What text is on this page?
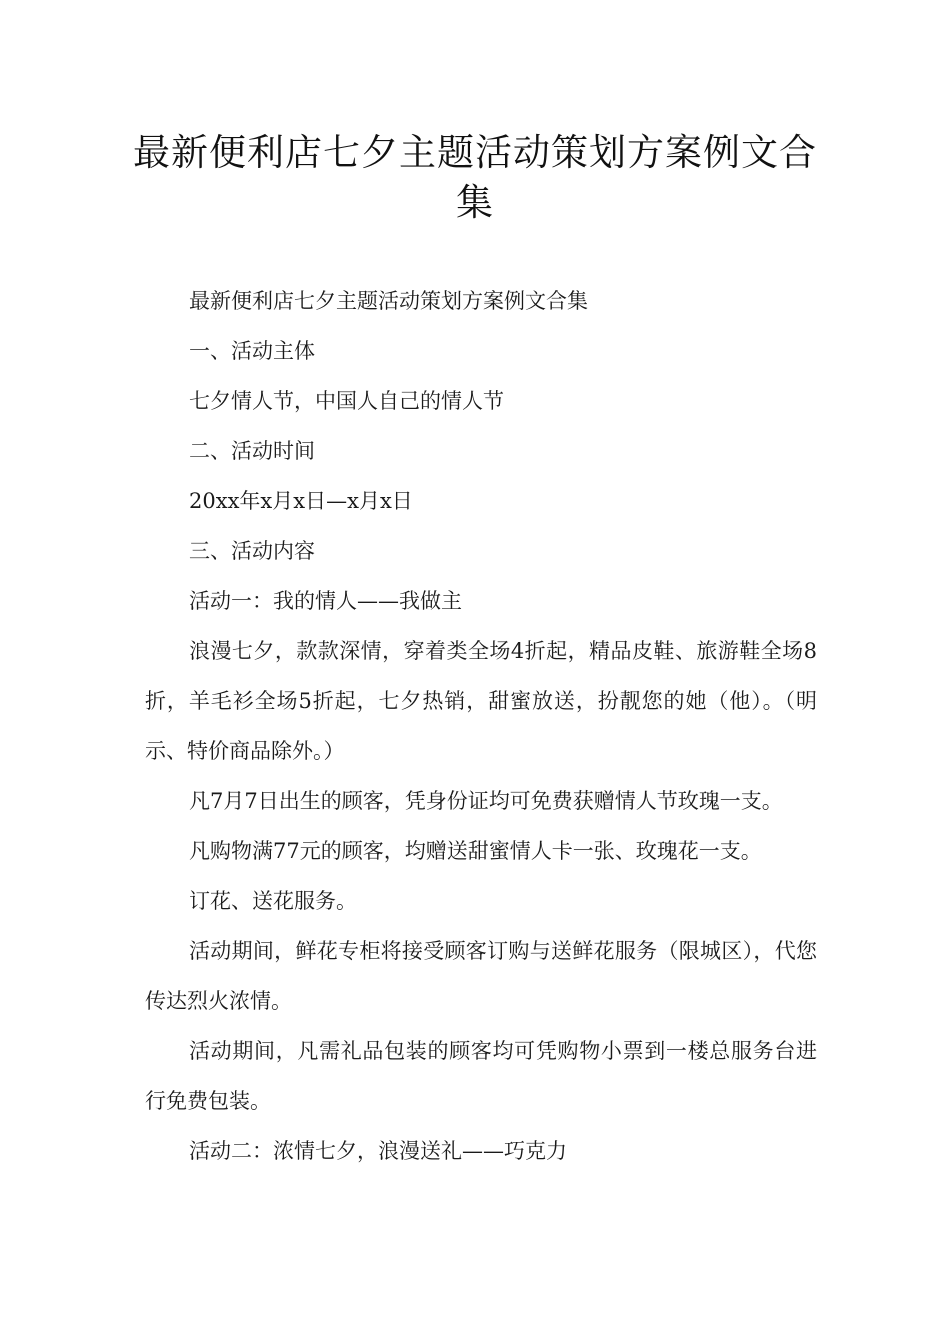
最新便利店七夕主题活动策划方案例文合集

最新便利店七夕主题活动策划方案例文合集

一、活动主体

七夕情人节，中国人自己的情人节

二、活动时间

20xx年x月x日—x月x日

三、活动内容

活动一：我的情人——我做主

浪漫七夕，款款深情，穿着类全场4折起，精品皮鞋、旅游鞋全场8折，羊毛衫全场5折起，七夕热销，甜蜜放送，扮靓您的她（他）。（明示、特价商品除外。）

凡7月7日出生的顾客，凭身份证均可免费获赠情人节玫瑰一支。

凡购物满77元的顾客，均赠送甜蜜情人卡一张、玫瑰花一支。

订花、送花服务。

活动期间，鲜花专柜将接受顾客订购与送鲜花服务（限城区），代您传达烈火浓情。

活动期间，凡需礼品包装的顾客均可凭购物小票到一楼总服务台进行免费包装。

活动二：浓情七夕，浪漫送礼——巧克力
